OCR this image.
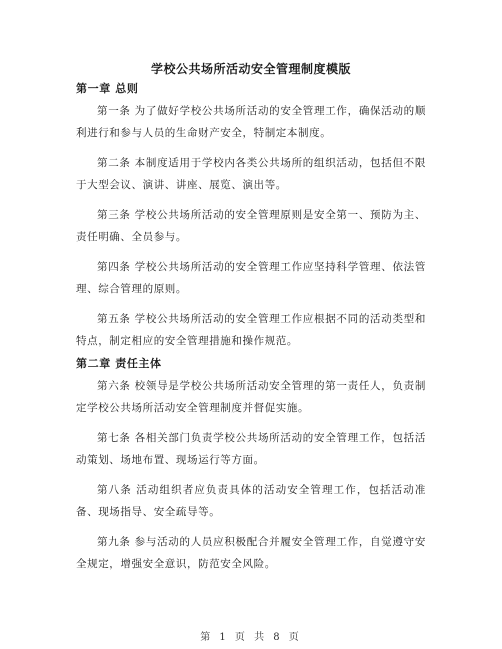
学校公共场所活动安全管理制度模版

第一章 总则

第一条 为了做好学校公共场所活动的安全管理工作，确保活动的顺利进行和参与人员的生命财产安全，特制定本制度。

第二条 本制度适用于学校内各类公共场所的组织活动，包括但不限于大型会议、演讲、讲座、展览、演出等。

第三条 学校公共场所活动的安全管理原则是安全第一、预防为主、责任明确、全员参与。

第四条 学校公共场所活动的安全管理工作应坚持科学管理、依法管理、综合管理的原则。

第五条 学校公共场所活动的安全管理工作应根据不同的活动类型和特点，制定相应的安全管理措施和操作规范。

第二章 责任主体

第六条 校领导是学校公共场所活动安全管理的第一责任人，负责制定学校公共场所活动安全管理制度并督促实施。

第七条 各相关部门负责学校公共场所活动的安全管理工作，包括活动策划、场地布置、现场运行等方面。

第八条 活动组织者应负责具体的活动安全管理工作，包括活动准备、现场指导、安全疏导等。

第九条 参与活动的人员应积极配合并履安全管理工作，自觉遵守安全规定，增强安全意识，防范安全风险。

第 1 页 共 8 页
